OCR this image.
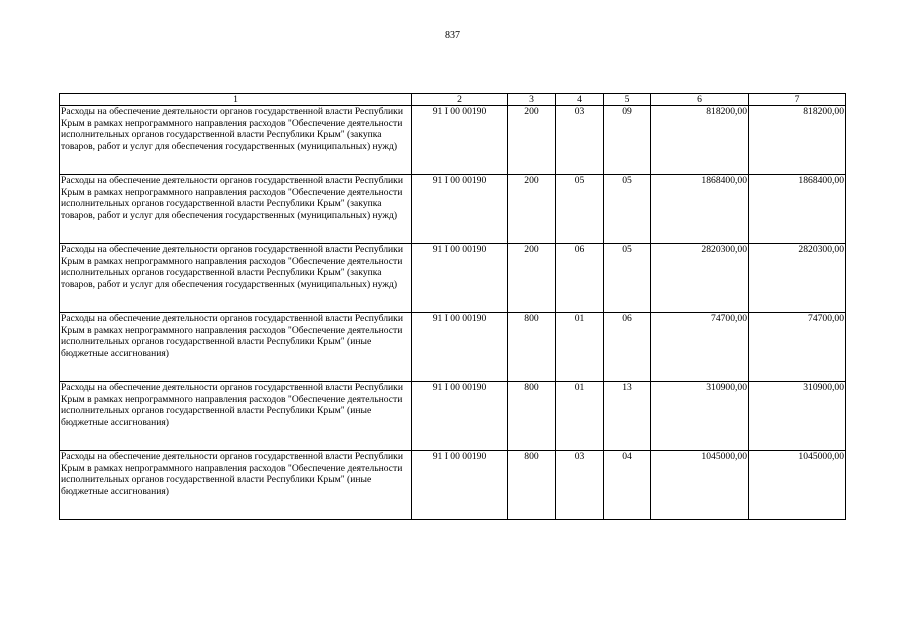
837
1	2	3	4	5	6	7
Расходы на обеспечение деятельности органов государственной власти Республики Крым в рамках непрограммного направления расходов "Обеспечение деятельности исполнительных органов государственной власти Республики Крым" (закупка товаров, работ и услуг для обеспечения государственных (муниципальных) нужд)	91 I 00 00190	200	03	09	818200,00	818200,00
Расходы на обеспечение деятельности органов государственной власти Республики Крым в рамках непрограммного направления расходов "Обеспечение деятельности исполнительных органов государственной власти Республики Крым" (закупка товаров, работ и услуг для обеспечения государственных (муниципальных) нужд)	91 I 00 00190	200	05	05	1868400,00	1868400,00
Расходы на обеспечение деятельности органов государственной власти Республики Крым в рамках непрограммного направления расходов "Обеспечение деятельности исполнительных органов государственной власти Республики Крым" (закупка товаров, работ и услуг для обеспечения государственных (муниципальных) нужд)	91 I 00 00190	200	06	05	2820300,00	2820300,00
Расходы на обеспечение деятельности органов государственной власти Республики Крым в рамках непрограммного направления расходов "Обеспечение деятельности исполнительных органов государственной власти Республики Крым" (иные бюджетные ассигнования)	91 I 00 00190	800	01	06	74700,00	74700,00
Расходы на обеспечение деятельности органов государственной власти Республики Крым в рамках непрограммного направления расходов "Обеспечение деятельности исполнительных органов государственной власти Республики Крым" (иные бюджетные ассигнования)	91 I 00 00190	800	01	13	310900,00	310900,00
Расходы на обеспечение деятельности органов государственной власти Республики Крым в рамках непрограммного направления расходов "Обеспечение деятельности исполнительных органов государственной власти Республики Крым" (иные бюджетные ассигнования)	91 I 00 00190	800	03	04	1045000,00	1045000,00
